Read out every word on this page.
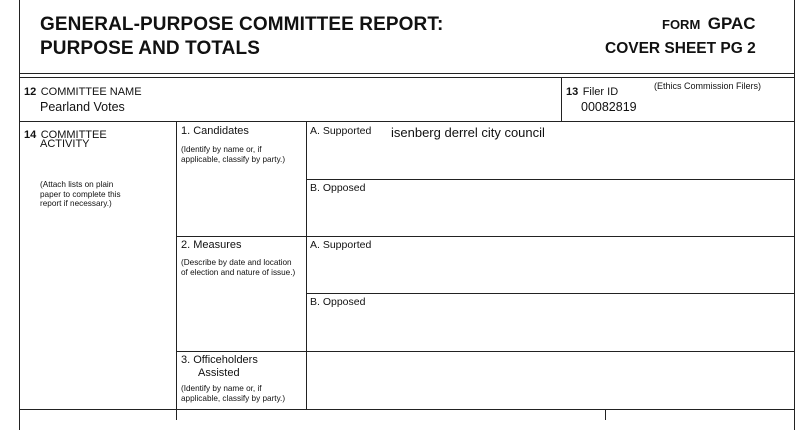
GENERAL-PURPOSE COMMITTEE REPORT:
PURPOSE AND TOTALS
FORM GPAC
COVER SHEET PG 2
12 COMMITTEE NAME
Pearland Votes
13 Filer ID	(Ethics Commission Filers)
00082819
14 COMMITTEE
ACTIVITY
(Attach lists on plain
paper to complete this
report if necessary.)
1. Candidates
(Identify by name or, if
applicable, classify by party.)
A. Supported isenberg derrel city council
B. Opposed
2. Measures
(Describe by date and location
of election and nature of issue.)
A. Supported
B. Opposed
3. Officeholders
Assisted
(Identify by name or, if
applicable, classify by party.)
